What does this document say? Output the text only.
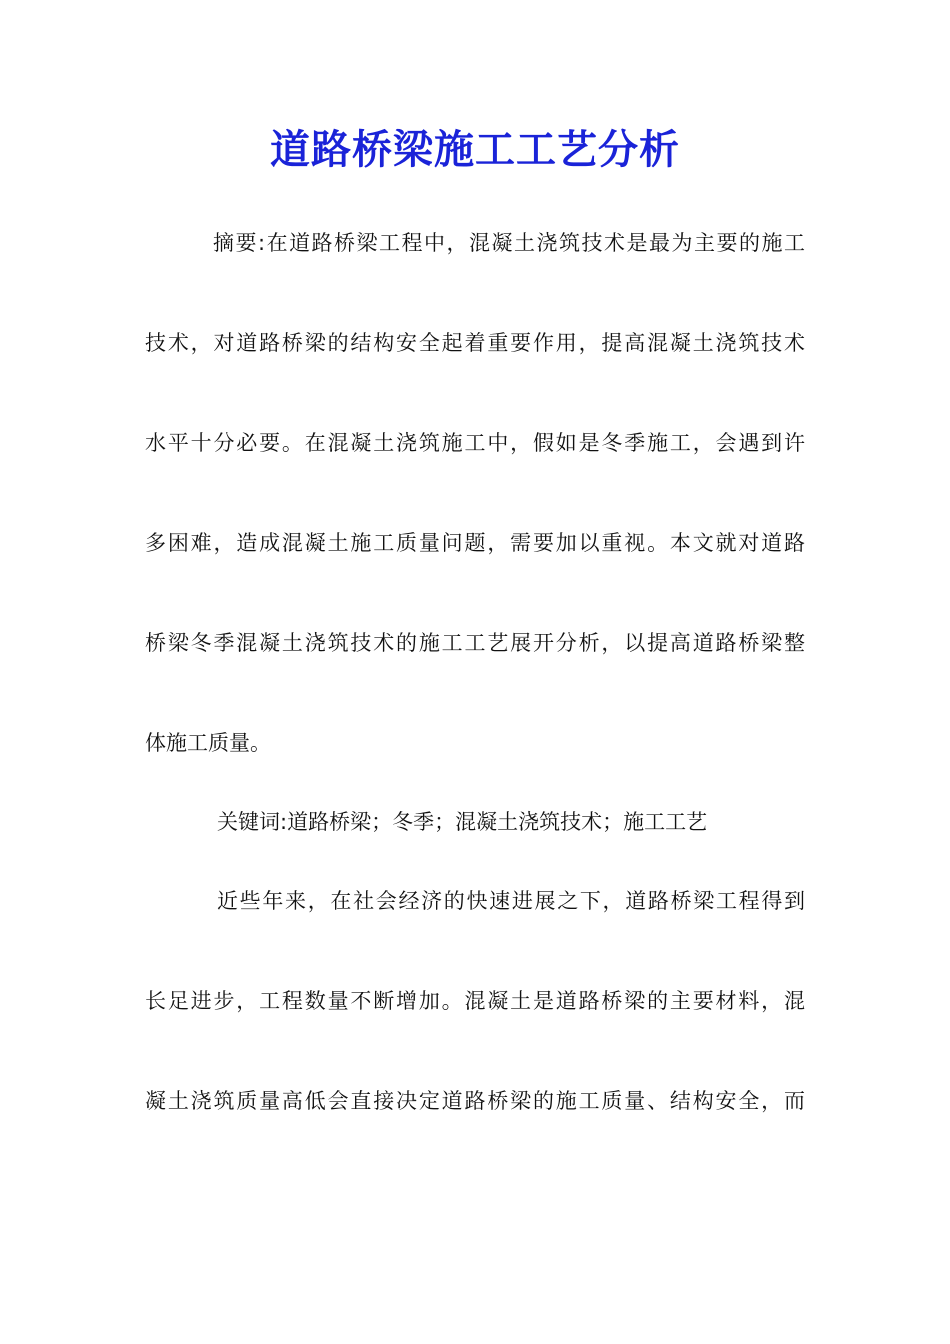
道路桥梁施工工艺分析
摘要:在道路桥梁工程中，混凝土浇筑技术是最为主要的施工
技术，对道路桥梁的结构安全起着重要作用，提高混凝土浇筑技术
水平十分必要。在混凝土浇筑施工中，假如是冬季施工，会遇到许
多困难，造成混凝土施工质量问题，需要加以重视。本文就对道路
桥梁冬季混凝土浇筑技术的施工工艺展开分析，以提高道路桥梁整
体施工质量。
关键词:道路桥梁；冬季；混凝土浇筑技术；施工工艺
近些年来，在社会经济的快速进展之下，道路桥梁工程得到
长足进步，工程数量不断增加。混凝土是道路桥梁的主要材料，混
凝土浇筑质量高低会直接决定道路桥梁的施工质量、结构安全，而
